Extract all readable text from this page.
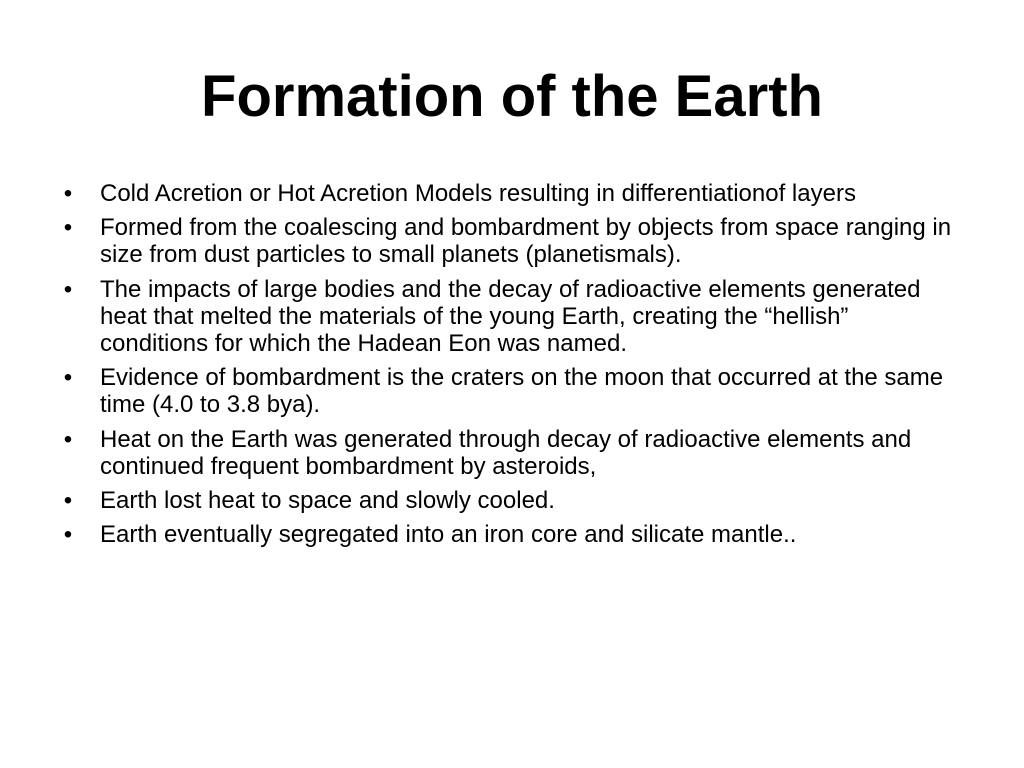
Formation of the Earth
• Cold Acretion or Hot Acretion Models resulting in differentiationof layers
• Formed from the coalescing and bombardment by objects from space ranging in size from dust particles to small planets (planetismals).
• The impacts of large bodies and the decay of radioactive elements generated heat that melted the materials of the young Earth, creating the “hellish” conditions for which the Hadean Eon was named.
• Evidence of bombardment is the craters on the moon that occurred at the same time (4.0 to 3.8 bya).
• Heat on the Earth was generated through decay of radioactive elements and continued frequent bombardment by asteroids,
• Earth lost heat to space and slowly cooled.
• Earth eventually segregated into an iron core and silicate mantle..
